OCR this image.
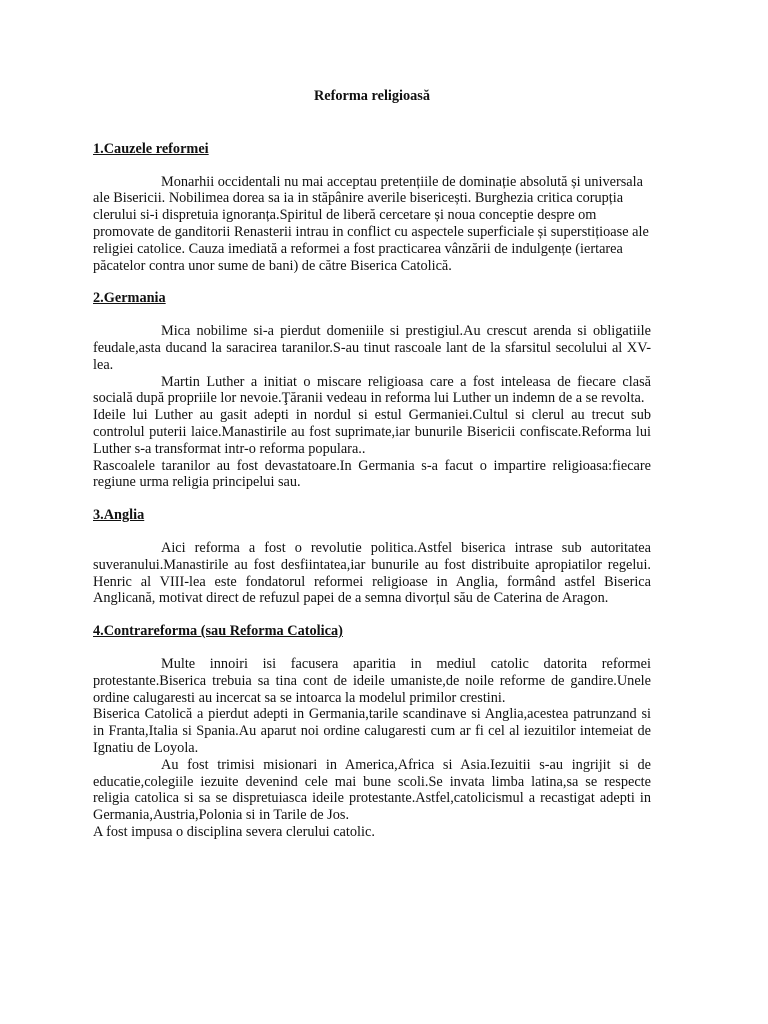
Reforma religioasă

1.Cauzele reformei

Monarhii occidentali nu mai acceptau pretențiile de dominație absolută și universala ale Bisericii. Nobilimea dorea sa ia in stăpânire averile bisericești. Burghezia critica corupția clerului si-i dispretuia ignoranța.Spiritul de liberă cercetare și noua conceptie despre om promovate de ganditorii Renasterii intrau in conflict cu aspectele superficiale și superstițioase ale religiei catolice. Cauza imediată a reformei a fost practicarea vânzării de indulgențe (iertarea păcatelor contra unor sume de bani) de către Biserica Catolică.

2.Germania

Mica nobilime si-a pierdut domeniile si prestigiul.Au crescut arenda si obligatiile feudale,asta ducand la saracirea taranilor.S-au tinut rascoale lant de la sfarsitul secolului al XV-lea.

Martin Luther a initiat o miscare religioasa care a fost inteleasa de fiecare clasă socială după propriile lor nevoie.Ţăranii vedeau in reforma lui Luther un indemn de a se revolta.

Ideile lui Luther au gasit adepti in nordul si estul Germaniei.Cultul si clerul au trecut sub controlul puterii laice.Manastirile au fost suprimate,iar bunurile Bisericii confiscate.Reforma lui Luther s-a transformat intr-o reforma populara..

Rascoalele taranilor au fost devastatoare.In Germania s-a facut o impartire religioasa:fiecare regiune urma religia principelui sau.

3.Anglia

Aici reforma a fost o revolutie politica.Astfel biserica intrase sub autoritatea suveranului.Manastirile au fost desfiintatea,iar bunurile au fost distribuite apropiatilor regelui. Henric al VIII-lea este fondatorul reformei religioase in Anglia, formând astfel Biserica Anglicană, motivat direct de refuzul papei de a semna divorțul său de Caterina de Aragon.

4.Contrareforma (sau Reforma Catolica)

Multe innoiri isi facusera aparitia in mediul catolic datorita reformei protestante.Biserica trebuia sa tina cont de ideile umaniste,de noile reforme de gandire.Unele ordine calugaresti au incercat sa se intoarca la modelul primilor crestini.

Biserica Catolică a pierdut adepti in Germania,tarile scandinave si Anglia,acestea patrunzand si in Franta,Italia si Spania.Au aparut noi ordine calugaresti cum ar fi cel al iezuitilor intemeiat de Ignatiu de Loyola.

Au fost trimisi misionari in America,Africa si Asia.Iezuitii s-au ingrijit si de educatie,colegiile iezuite devenind cele mai bune scoli.Se invata limba latina,sa se respecte religia catolica si sa se dispretuiasca ideile protestante.Astfel,catolicismul a recastigat adepti in Germania,Austria,Polonia si in Tarile de Jos.

A fost impusa o disciplina severa clerului catolic.
